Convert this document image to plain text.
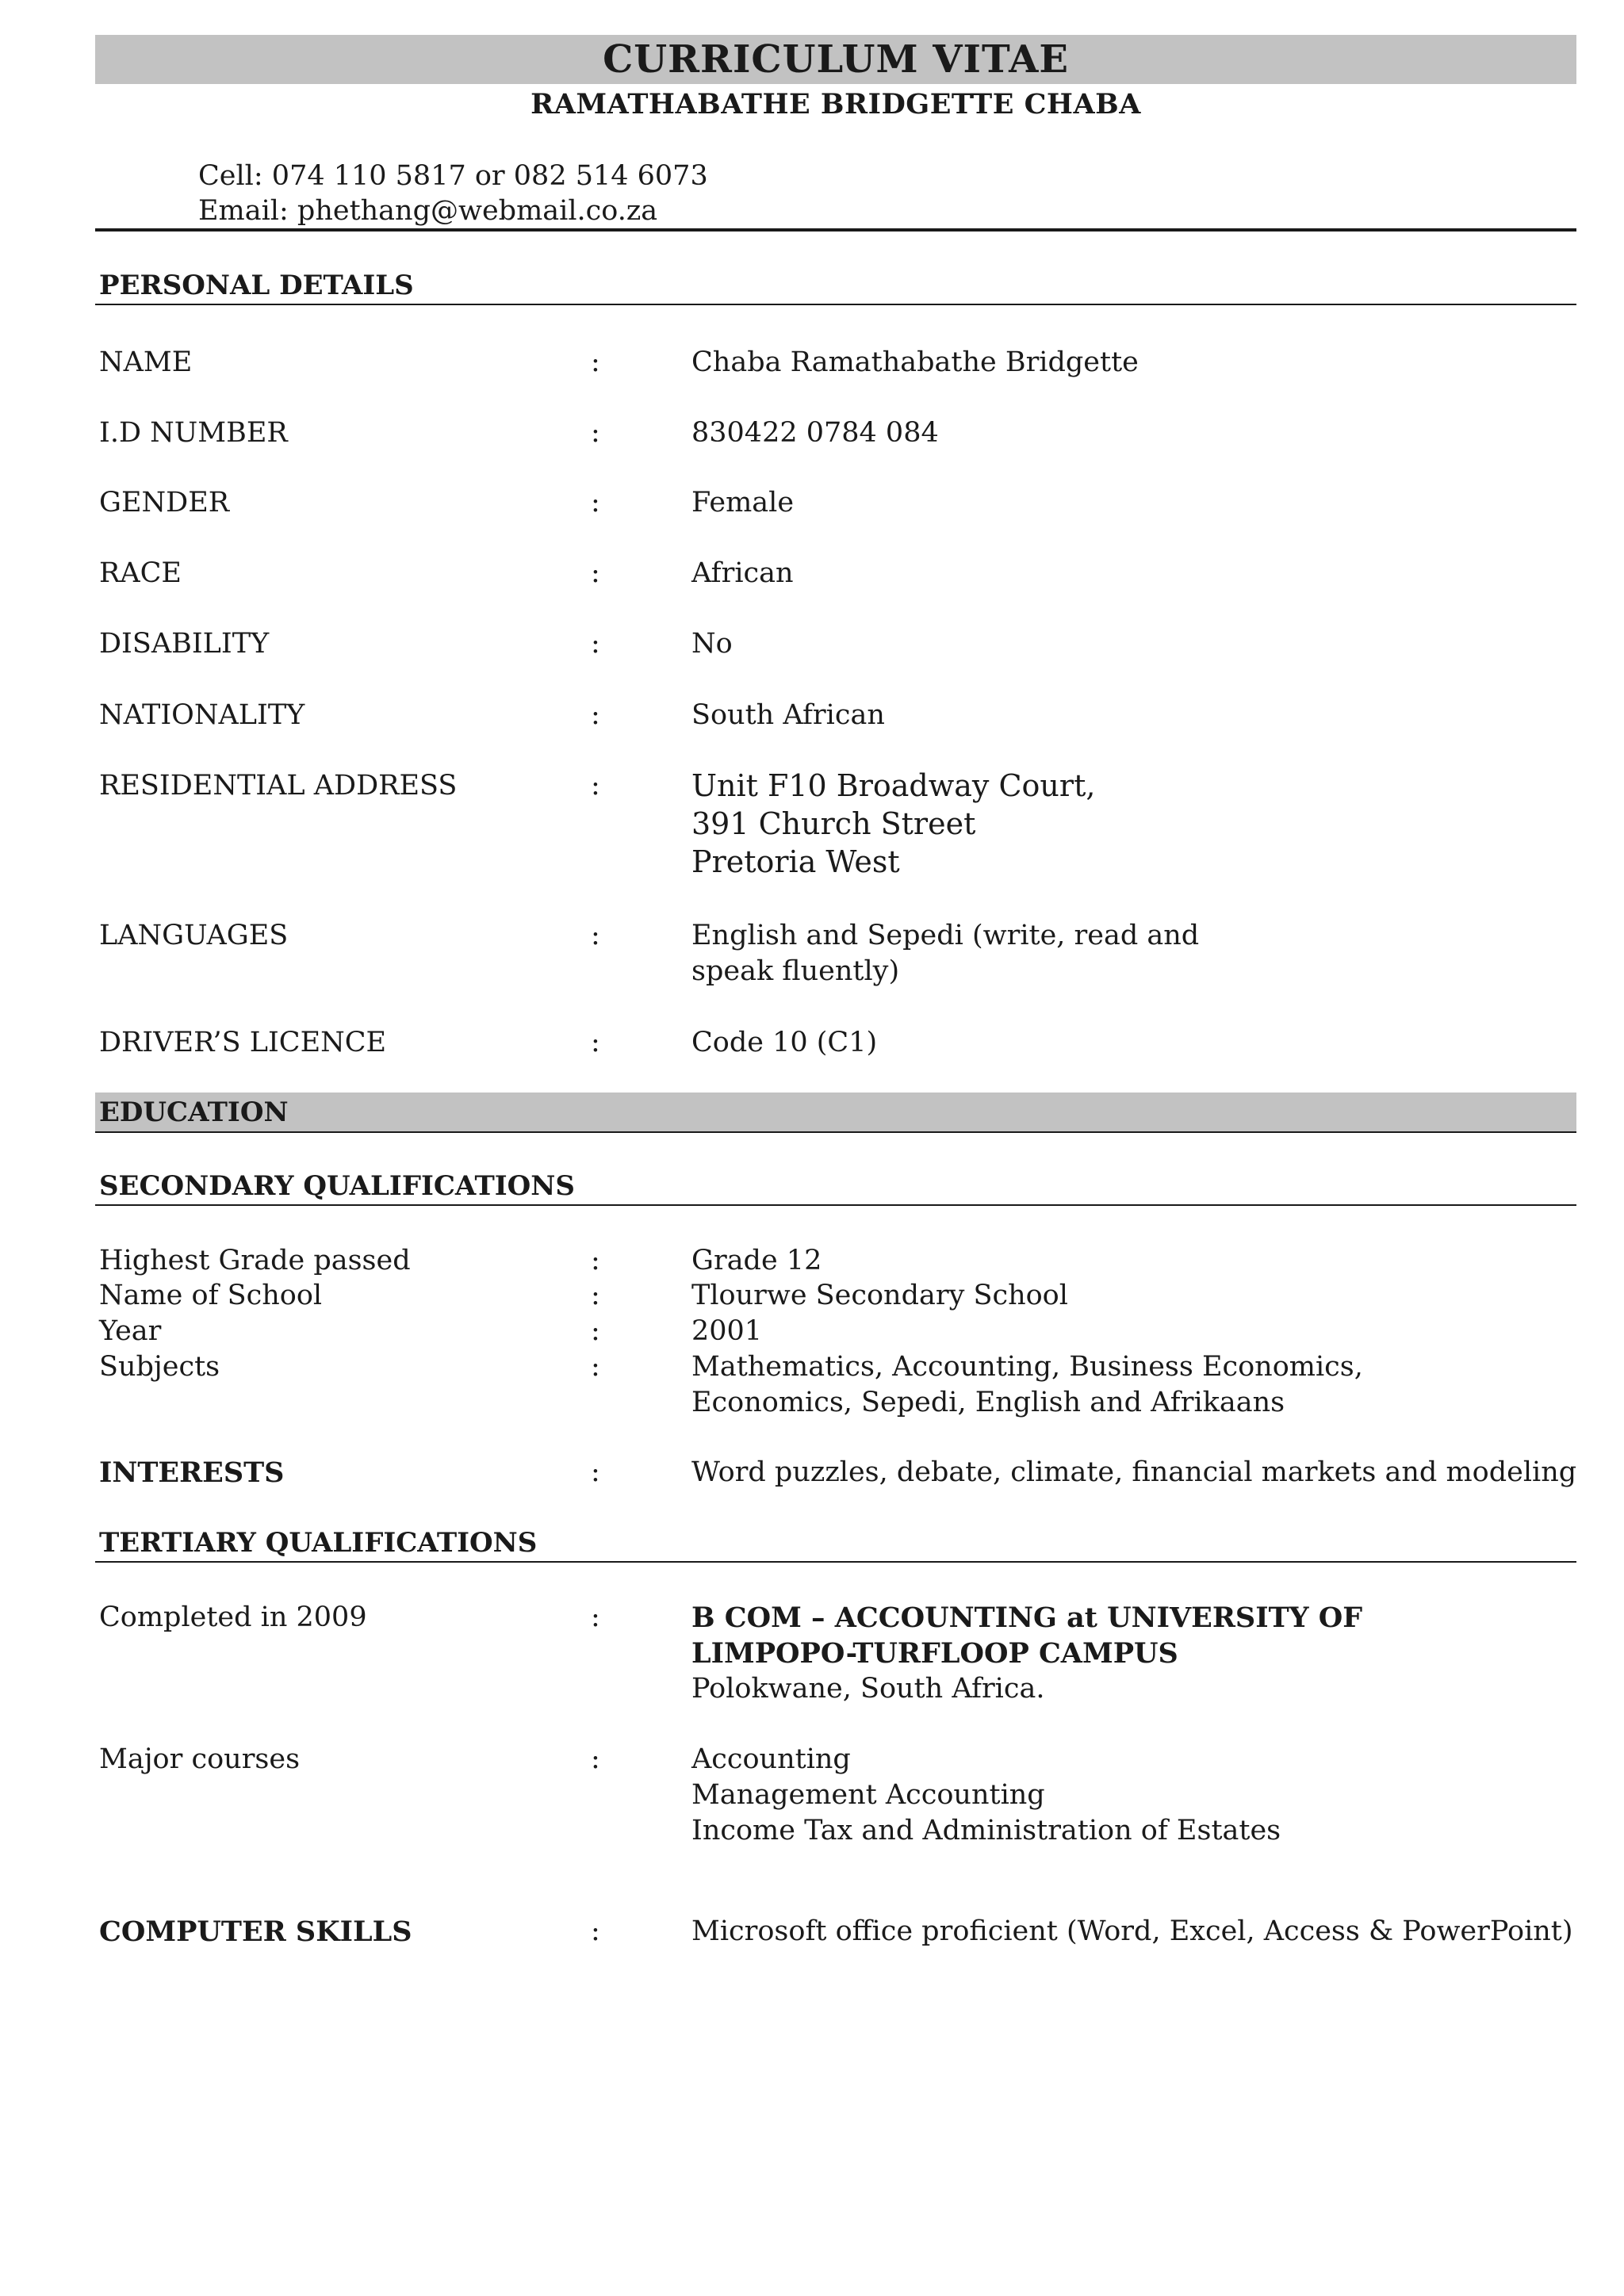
CURRICULUM VITAE
RAMATHABATHE BRIDGETTE CHABA
Cell: 074 110 5817 or 082 514 6073
Email: phethang@webmail.co.za
PERSONAL DETAILS
NAME	:	Chaba Ramathabathe Bridgette
I.D NUMBER	:	830422 0784 084
GENDER	:	Female
RACE	:	African
DISABILITY	:	No
NATIONALITY	:	South African
RESIDENTIAL ADDRESS	:	Unit F10 Broadway Court,
391 Church Street
Pretoria West
LANGUAGES	:	English and Sepedi (write, read and
speak fluently)
DRIVER’S LICENCE	:	Code 10 (C1)
EDUCATION
SECONDARY QUALIFICATIONS
Highest Grade passed	:	Grade 12
Name of School	:	Tlourwe Secondary School
Year	:	2001
Subjects	:	Mathematics, Accounting, Business Economics,
Economics, Sepedi, English and Afrikaans
INTERESTS	:	Word puzzles, debate, climate, financial markets and modeling
TERTIARY QUALIFICATIONS
Completed in 2009	:	B COM – ACCOUNTING at UNIVERSITY OF
LIMPOPO-TURFLOOP CAMPUS
Polokwane, South Africa.
Major courses	:	Accounting
Management Accounting
Income Tax and Administration of Estates
COMPUTER SKILLS	:	Microsoft office proficient (Word, Excel, Access & PowerPoint)
